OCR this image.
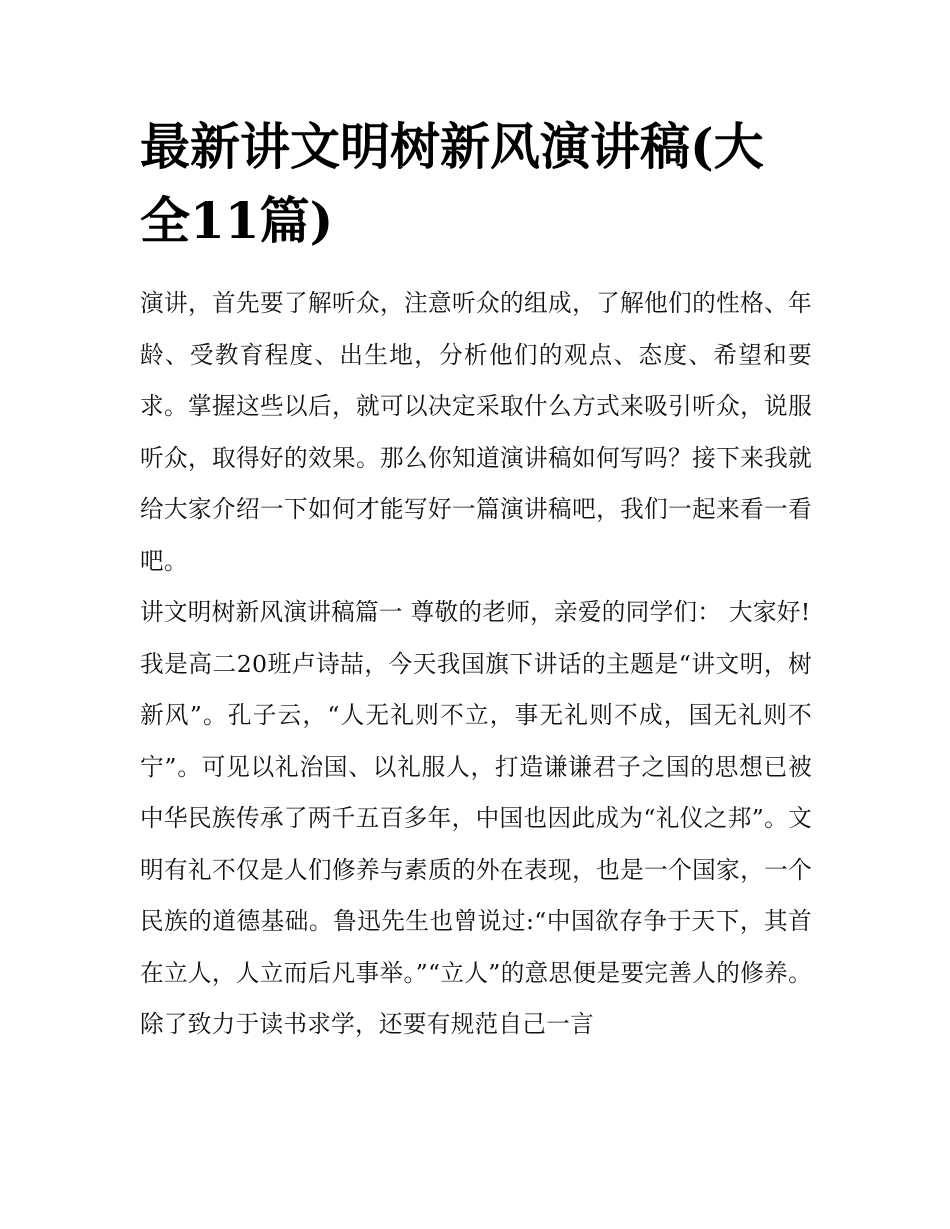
最新讲文明树新风演讲稿(大全11篇)

演讲，首先要了解听众，注意听众的组成，了解他们的性格、年龄、受教育程度、出生地，分析他们的观点、态度、希望和要求。掌握这些以后，就可以决定采取什么方式来吸引听众，说服听众，取得好的效果。那么你知道演讲稿如何写吗？接下来我就给大家介绍一下如何才能写好一篇演讲稿吧，我们一起来看一看吧。

讲文明树新风演讲稿篇一 尊敬的老师，亲爱的同学们： 大家好!

我是高二20班卢诗喆，今天我国旗下讲话的主题是“讲文明，树新风”。孔子云，“人无礼则不立，事无礼则不成，国无礼则不宁”。可见以礼治国、以礼服人，打造谦谦君子之国的思想已被中华民族传承了两千五百多年，中国也因此成为“礼仪之邦”。文明有礼不仅是人们修养与素质的外在表现，也是一个国家，一个民族的道德基础。鲁迅先生也曾说过:“中国欲存争于天下，其首在立人，人立而后凡事举。”“立人”的意思便是要完善人的修养。除了致力于读书求学，还要有规范自己一言
